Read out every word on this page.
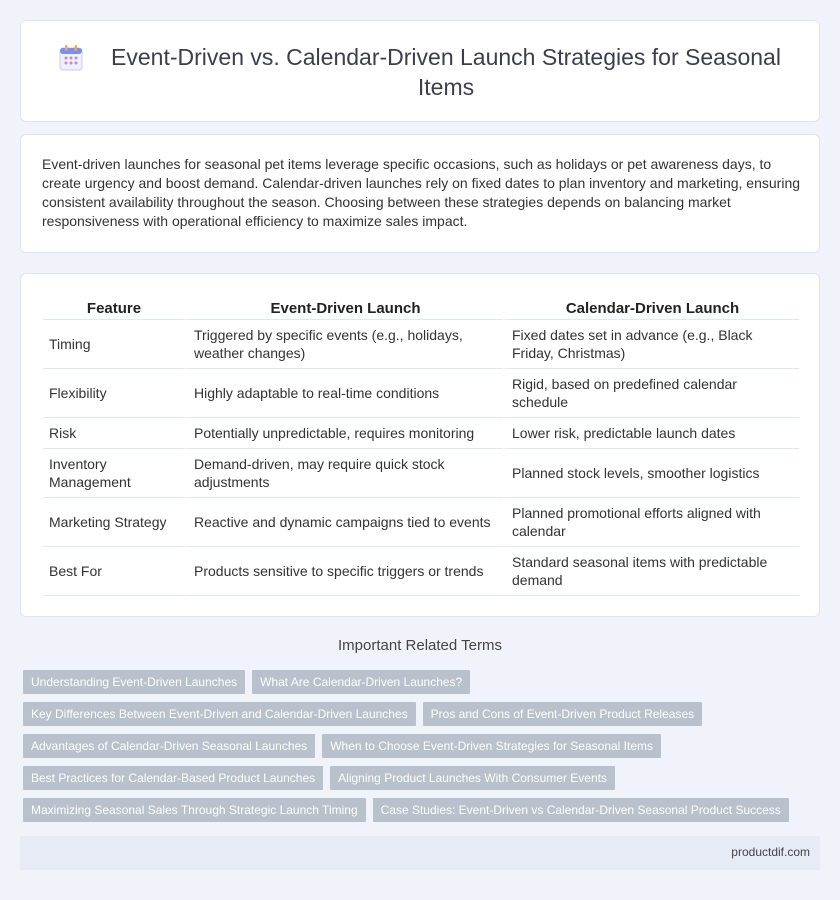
Event-Driven vs. Calendar-Driven Launch Strategies for Seasonal Items

Event-driven launches for seasonal pet items leverage specific occasions, such as holidays or pet awareness days, to create urgency and boost demand. Calendar-driven launches rely on fixed dates to plan inventory and marketing, ensuring consistent availability throughout the season. Choosing between these strategies depends on balancing market responsiveness with operational efficiency to maximize sales impact.

Feature	Event-Driven Launch	Calendar-Driven Launch
Timing	Triggered by specific events (e.g., holidays, weather changes)	Fixed dates set in advance (e.g., Black Friday, Christmas)
Flexibility	Highly adaptable to real-time conditions	Rigid, based on predefined calendar schedule
Risk	Potentially unpredictable, requires monitoring	Lower risk, predictable launch dates
Inventory Management	Demand-driven, may require quick stock adjustments	Planned stock levels, smoother logistics
Marketing Strategy	Reactive and dynamic campaigns tied to events	Planned promotional efforts aligned with calendar
Best For	Products sensitive to specific triggers or trends	Standard seasonal items with predictable demand
Important Related Terms
Understanding Event-Driven Launches	What Are Calendar-Driven Launches?
Key Differences Between Event-Driven and Calendar-Driven Launches	Pros and Cons of Event-Driven Product Releases
Advantages of Calendar-Driven Seasonal Launches	When to Choose Event-Driven Strategies for Seasonal Items
Best Practices for Calendar-Based Product Launches	Aligning Product Launches With Consumer Events
Maximizing Seasonal Sales Through Strategic Launch Timing	Case Studies: Event-Driven vs Calendar-Driven Seasonal Product Success
productdif.com
